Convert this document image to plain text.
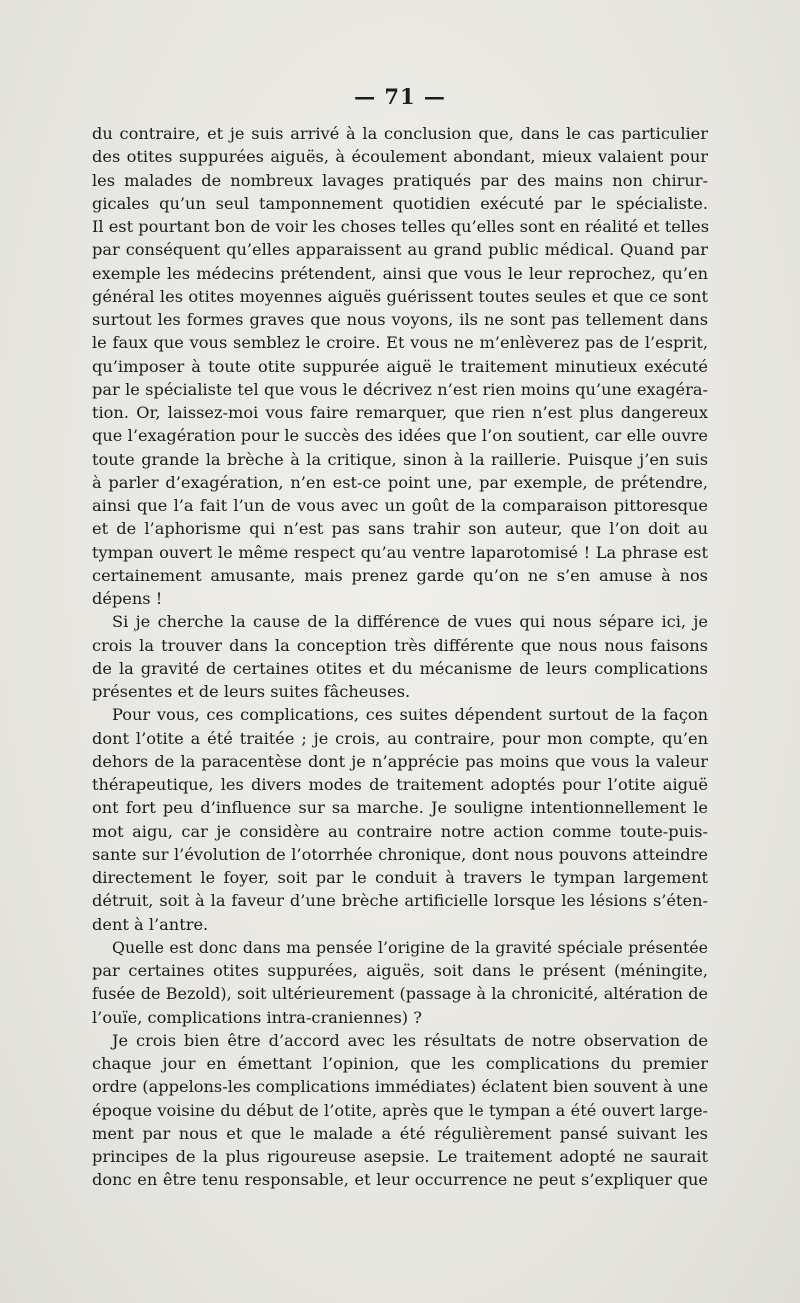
— 71 —

du contraire, et je suis arrivé à la conclusion que, dans le cas particulier

des otites suppurées aiguës, à écoulement abondant, mieux valaient pour

les malades de nombreux lavages pratiqués par des mains non chirur-

gicales qu’un seul tamponnement quotidien exécuté par le spécialiste.

Il est pourtant bon de voir les choses telles qu’elles sont en réalité et telles

par conséquent qu’elles apparaissent au grand public médical. Quand par

exemple les médecins prétendent, ainsi que vous le leur reprochez, qu’en

général les otites moyennes aiguës guérissent toutes seules et que ce sont

surtout les formes graves que nous voyons, ils ne sont pas tellement dans

le faux que vous semblez le croire. Et vous ne m’enlèverez pas de l’esprit,

qu’imposer à toute otite suppurée aiguë le traitement minutieux exécuté

par le spécialiste tel que vous le décrivez n’est rien moins qu’une exagéra-

tion. Or, laissez-moi vous faire remarquer, que rien n’est plus dangereux

que l’exagération pour le succès des idées que l’on soutient, car elle ouvre

toute grande la brèche à la critique, sinon à la raillerie. Puisque j’en suis

à parler d’exagération, n’en est-ce point une, par exemple, de prétendre,

ainsi que l’a fait l’un de vous avec un goût de la comparaison pittoresque

et de l’aphorisme qui n’est pas sans trahir son auteur, que l’on doit au

tympan ouvert le même respect qu’au ventre laparotomisé ! La phrase est

certainement amusante, mais prenez garde qu’on ne s’en amuse à nos

dépens !

Si je cherche la cause de la différence de vues qui nous sépare ici, je

crois la trouver dans la conception très différente que nous nous faisons

de la gravité de certaines otites et du mécanisme de leurs complications

présentes et de leurs suites fâcheuses.

Pour vous, ces complications, ces suites dépendent surtout de la façon

dont l’otite a été traitée ; je crois, au contraire, pour mon compte, qu’en

dehors de la paracentèse dont je n’apprécie pas moins que vous la valeur

thérapeutique, les divers modes de traitement adoptés pour l’otite aiguë

ont fort peu d’influence sur sa marche. Je souligne intentionnellement le

mot aigu, car je considère au contraire notre action comme toute-puis-

sante sur l’évolution de l’otorrhée chronique, dont nous pouvons atteindre

directement le foyer, soit par le conduit à travers le tympan largement

détruit, soit à la faveur d’une brèche artificielle lorsque les lésions s’éten-

dent à l’antre.

Quelle est donc dans ma pensée l’origine de la gravité spéciale présentée

par certaines otites suppurées, aiguës, soit dans le présent (méningite,

fusée de Bezold), soit ultérieurement (passage à la chronicité, altération de

l’ouïe, complications intra-craniennes) ?

Je crois bien être d’accord avec les résultats de notre observation de

chaque jour en émettant l’opinion, que les complications du premier

ordre (appelons-les complications immédiates) éclatent bien souvent à une

époque voisine du début de l’otite, après que le tympan a été ouvert large-

ment par nous et que le malade a été régulièrement pansé suivant les

principes de la plus rigoureuse asepsie. Le traitement adopté ne saurait

donc en être tenu responsable, et leur occurrence ne peut s’expliquer que
